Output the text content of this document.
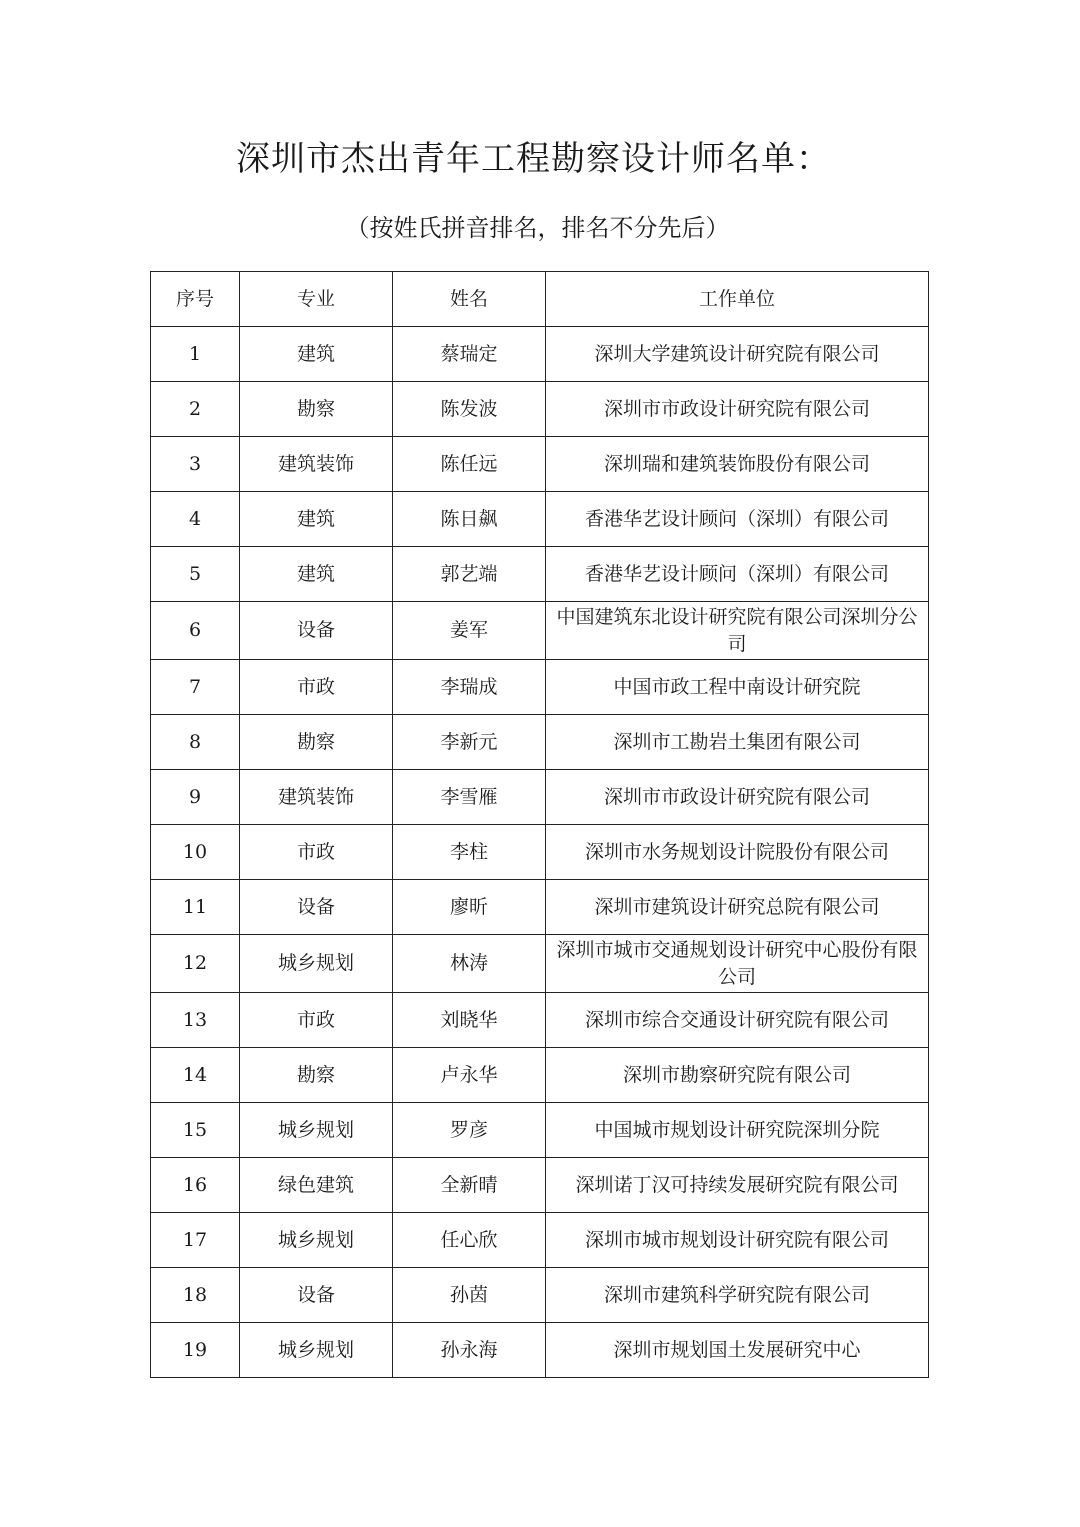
深圳市杰出青年工程勘察设计师名单：
（按姓氏拼音排名，排名不分先后）
序号	专业	姓名	工作单位
1	建筑	蔡瑞定	深圳大学建筑设计研究院有限公司
2	勘察	陈发波	深圳市市政设计研究院有限公司
3	建筑装饰	陈任远	深圳瑞和建筑装饰股份有限公司
4	建筑	陈日飙	香港华艺设计顾问（深圳）有限公司
5	建筑	郭艺端	香港华艺设计顾问（深圳）有限公司
6	设备	姜军	中国建筑东北设计研究院有限公司深圳分公司
7	市政	李瑞成	中国市政工程中南设计研究院
8	勘察	李新元	深圳市工勘岩土集团有限公司
9	建筑装饰	李雪雁	深圳市市政设计研究院有限公司
10	市政	李柱	深圳市水务规划设计院股份有限公司
11	设备	廖昕	深圳市建筑设计研究总院有限公司
12	城乡规划	林涛	深圳市城市交通规划设计研究中心股份有限公司
13	市政	刘晓华	深圳市综合交通设计研究院有限公司
14	勘察	卢永华	深圳市勘察研究院有限公司
15	城乡规划	罗彦	中国城市规划设计研究院深圳分院
16	绿色建筑	全新晴	深圳诺丁汉可持续发展研究院有限公司
17	城乡规划	任心欣	深圳市城市规划设计研究院有限公司
18	设备	孙茵	深圳市建筑科学研究院有限公司
19	城乡规划	孙永海	深圳市规划国土发展研究中心
